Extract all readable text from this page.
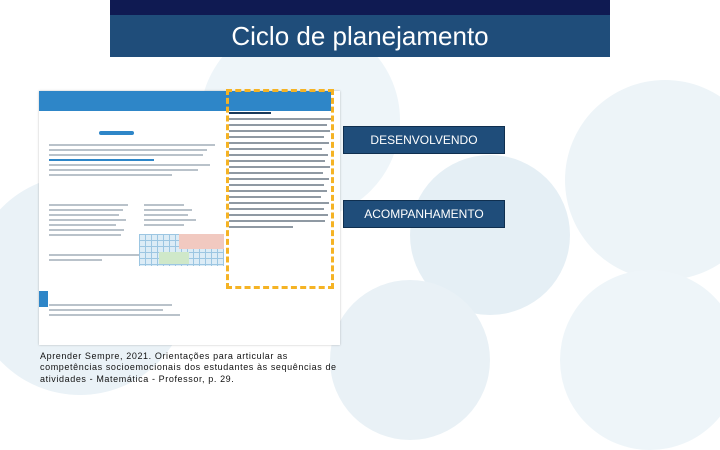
Ciclo de planejamento
DESENVOLVENDO
ACOMPANHAMENTO
Aprender Sempre, 2021. Orientações para articular as competências socioemocionais dos estudantes às sequências de atividades - Matemática - Professor, p. 29.
